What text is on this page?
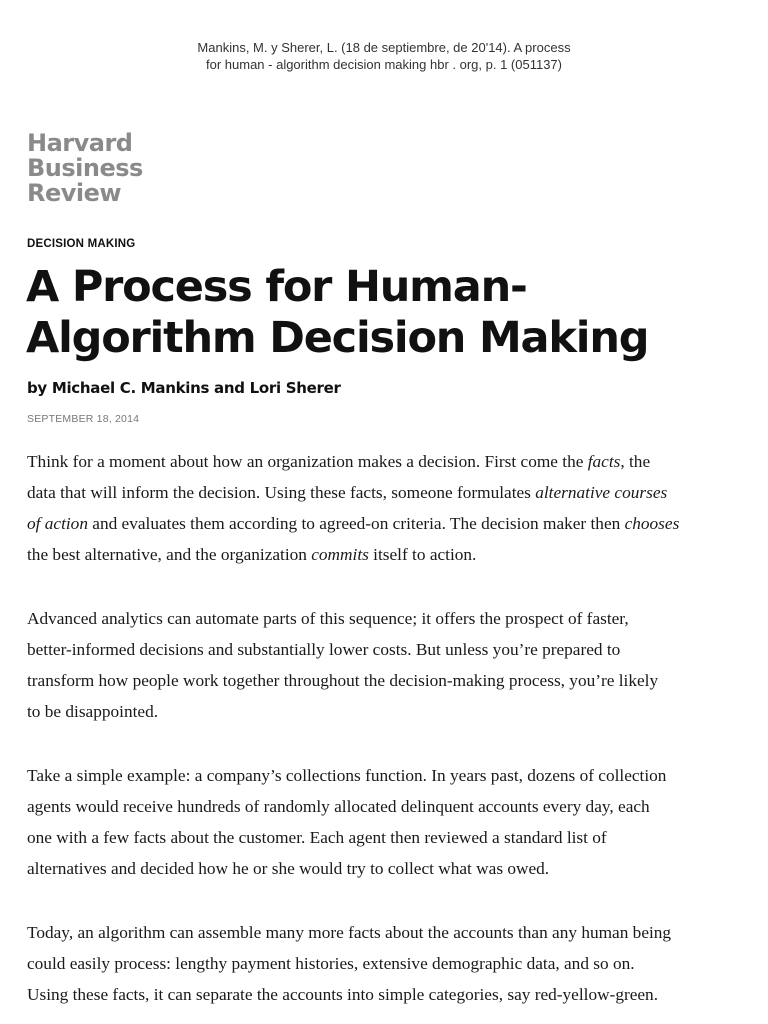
Mankins, M. y Sherer, L. (18 de septiembre, de 20'14). A process
for human - algorithm decision making hbr . org, p. 1 (051137)
Harvard
Business
Review
DECISION MAKING
A Process for Human-
Algorithm Decision Making
by Michael C. Mankins and Lori Sherer
SEPTEMBER 18, 2014
Think for a moment about how an organization makes a decision. First come the facts, the
data that will inform the decision. Using these facts, someone formulates alternative courses
of action and evaluates them according to agreed-on criteria. The decision maker then chooses
the best alternative, and the organization commits itself to action.
Advanced analytics can automate parts of this sequence; it offers the prospect of faster,
better-informed decisions and substantially lower costs. But unless you’re prepared to
transform how people work together throughout the decision-making process, you’re likely
to be disappointed.
Take a simple example: a company’s collections function. In years past, dozens of collection
agents would receive hundreds of randomly allocated delinquent accounts every day, each
one with a few facts about the customer. Each agent then reviewed a standard list of
alternatives and decided how he or she would try to collect what was owed.
Today, an algorithm can assemble many more facts about the accounts than any human being
could easily process: lengthy payment histories, extensive demographic data, and so on.
Using these facts, it can separate the accounts into simple categories, say red-yellow-green.
